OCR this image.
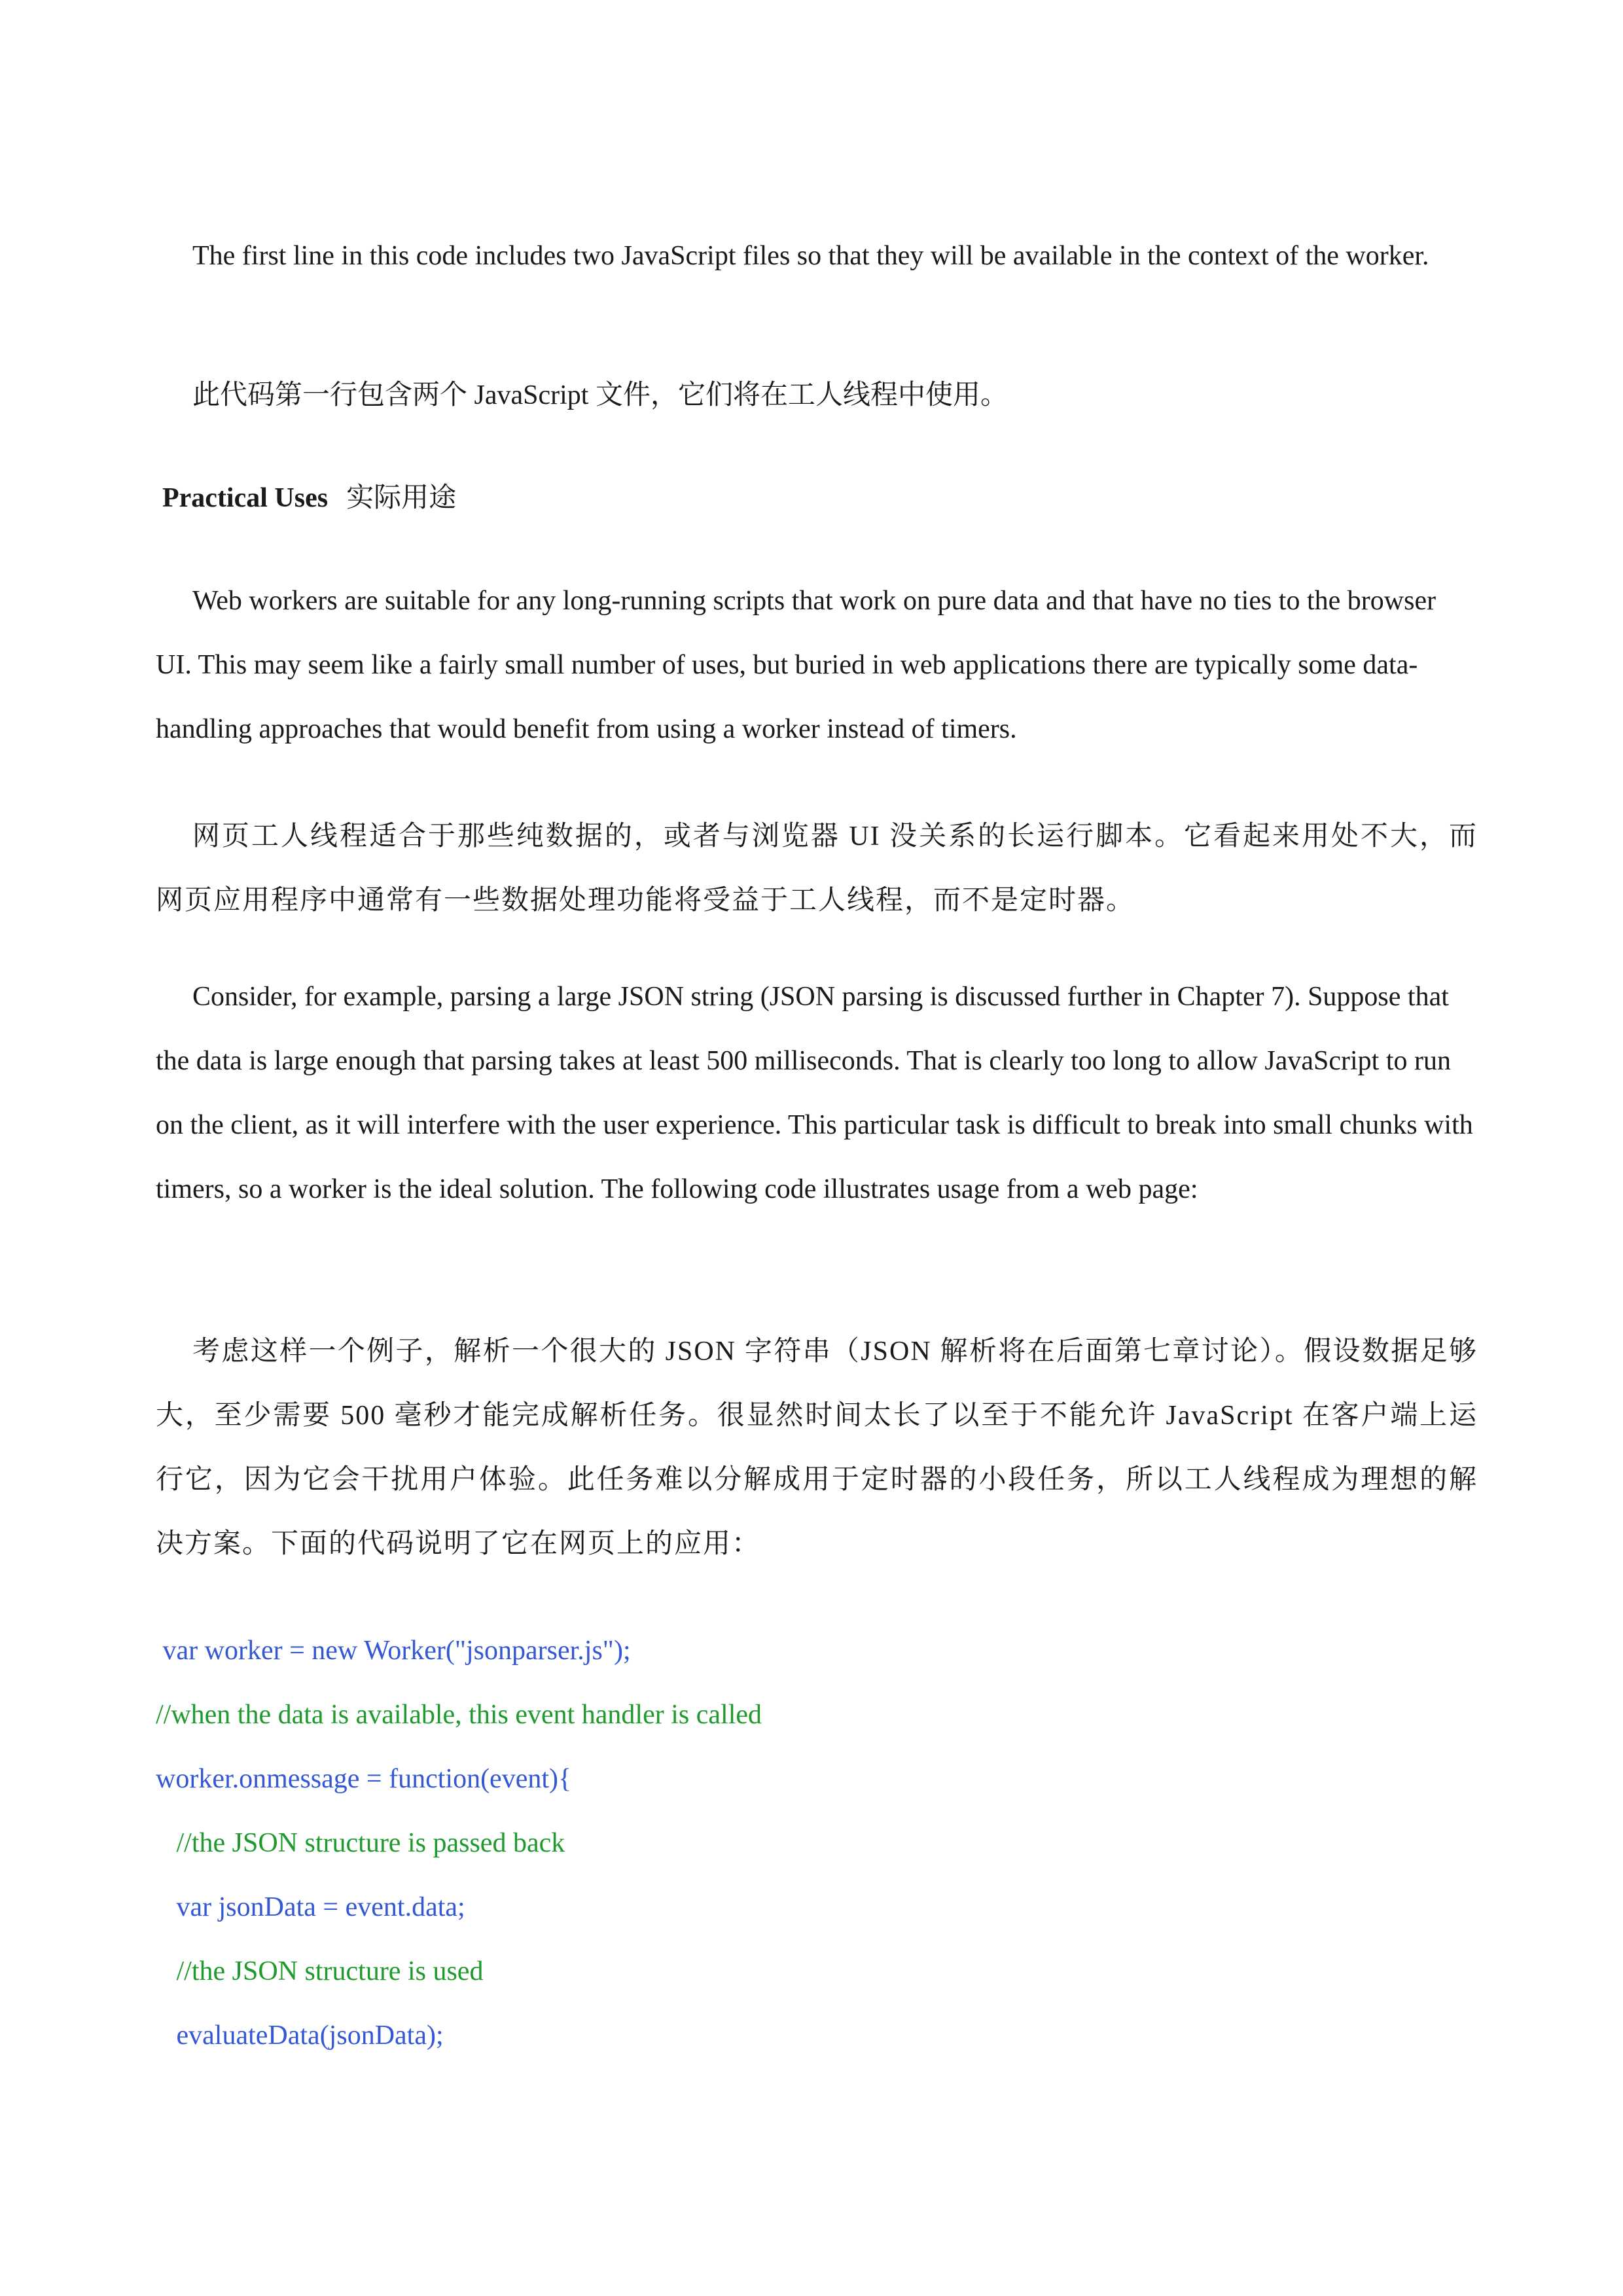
The first line in this code includes two JavaScript files so that they will be available in the context of the worker.

此代码第一行包含两个 JavaScript 文件，它们将在工人线程中使用。

Practical Uses 实际用途

Web workers are suitable for any long-running scripts that work on pure data and that have no ties to the browser UI. This may seem like a fairly small number of uses, but buried in web applications there are typically some data-handling approaches that would benefit from using a worker instead of timers.

网页工人线程适合于那些纯数据的，或者与浏览器 UI 没关系的长运行脚本。它看起来用处不大，而网页应用程序中通常有一些数据处理功能将受益于工人线程，而不是定时器。

Consider, for example, parsing a large JSON string (JSON parsing is discussed further in Chapter 7). Suppose that the data is large enough that parsing takes at least 500 milliseconds. That is clearly too long to allow JavaScript to run on the client, as it will interfere with the user experience. This particular task is difficult to break into small chunks with timers, so a worker is the ideal solution. The following code illustrates usage from a web page:

考虑这样一个例子，解析一个很大的 JSON 字符串（JSON 解析将在后面第七章讨论）。假设数据足够大，至少需要 500 毫秒才能完成解析任务。很显然时间太长了以至于不能允许 JavaScript 在客户端上运行它，因为它会干扰用户体验。此任务难以分解成用于定时器的小段任务，所以工人线程成为理想的解决方案。下面的代码说明了它在网页上的应用：

var worker = new Worker("jsonparser.js");
//when the data is available, this event handler is called
worker.onmessage = function(event){
//the JSON structure is passed back
var jsonData = event.data;
//the JSON structure is used
evaluateData(jsonData);
